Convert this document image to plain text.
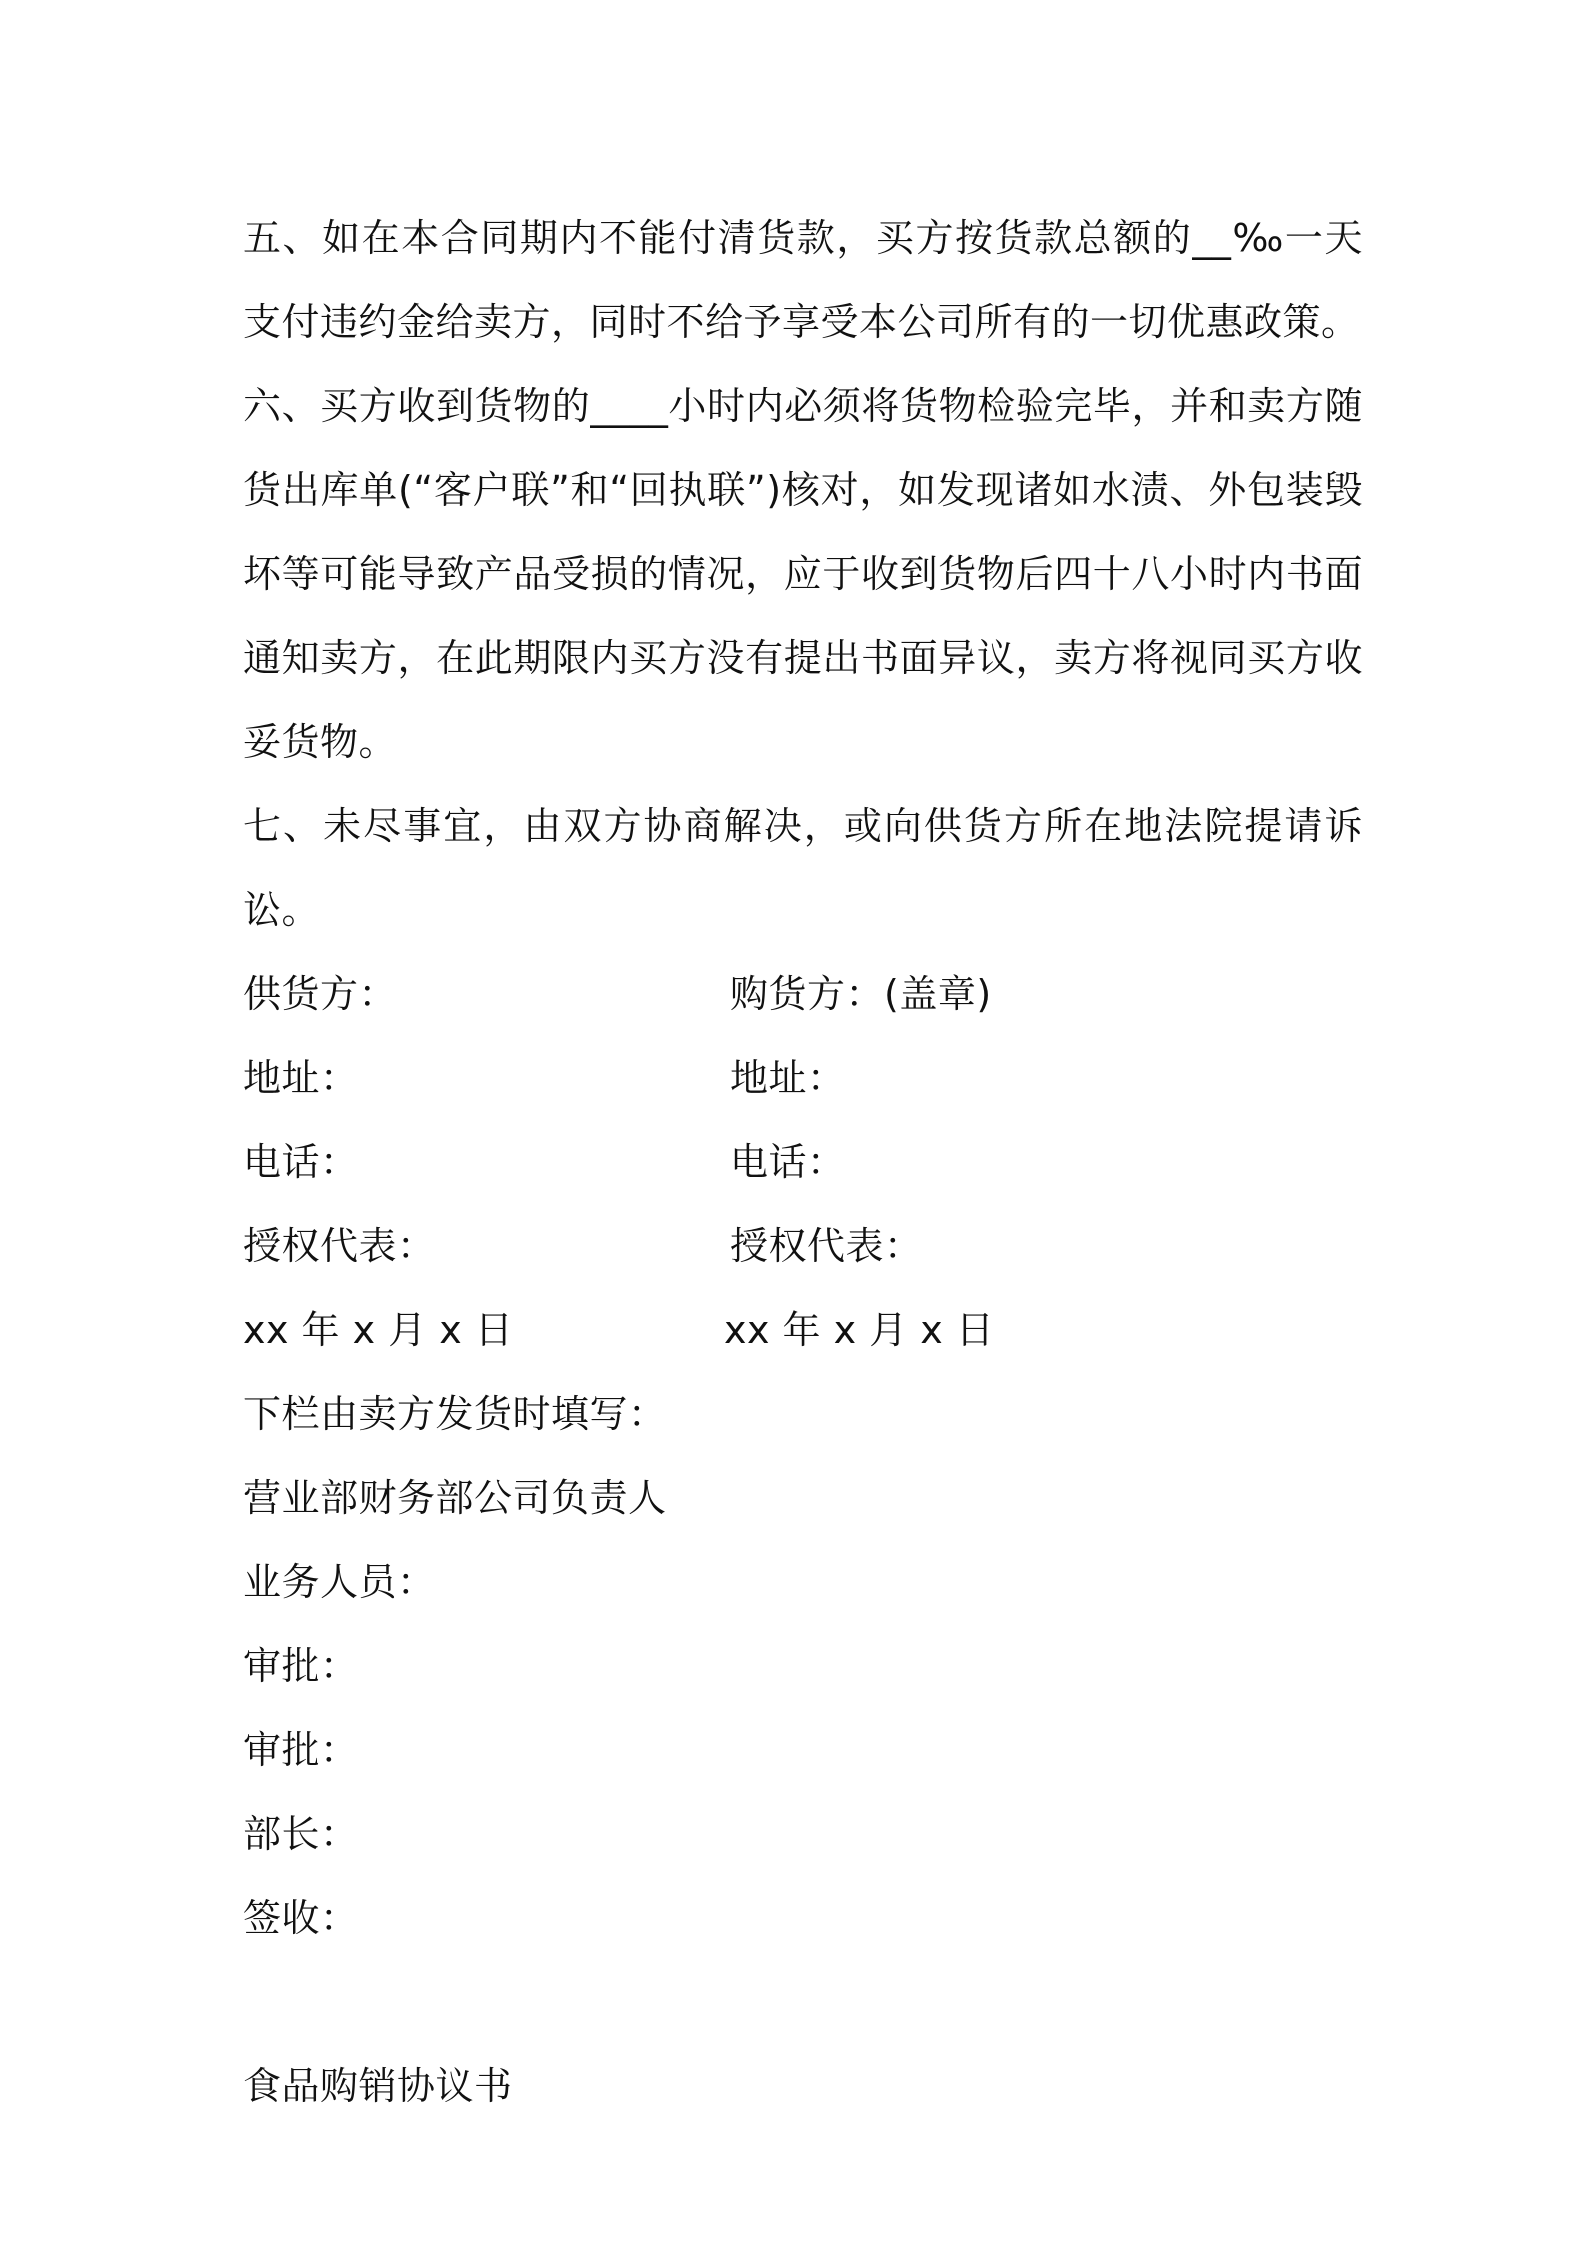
五、如在本合同期内不能付清货款，买方按货款总额的__‰一天支付违约金给卖方，同时不给予享受本公司所有的一切优惠政策。

六、买方收到货物的____小时内必须将货物检验完毕，并和卖方随货出库单(“客户联”和“回执联”)核对，如发现诸如水渍、外包装毁坏等可能导致产品受损的情况，应于收到货物后四十八小时内书面通知卖方，在此期限内买方没有提出书面异议，卖方将视同买方收妥货物。

七、未尽事宜，由双方协商解决，或向供货方所在地法院提请诉讼。

供货方：	购货方：(盖章)
地址：	地址：
电话：	电话：
授权代表：	授权代表：
xx 年 x 月 x 日	xx 年 x 月 x 日
下栏由卖方发货时填写：
营业部财务部公司负责人
业务人员：
审批：
审批：
部长：
签收：
食品购销协议书
